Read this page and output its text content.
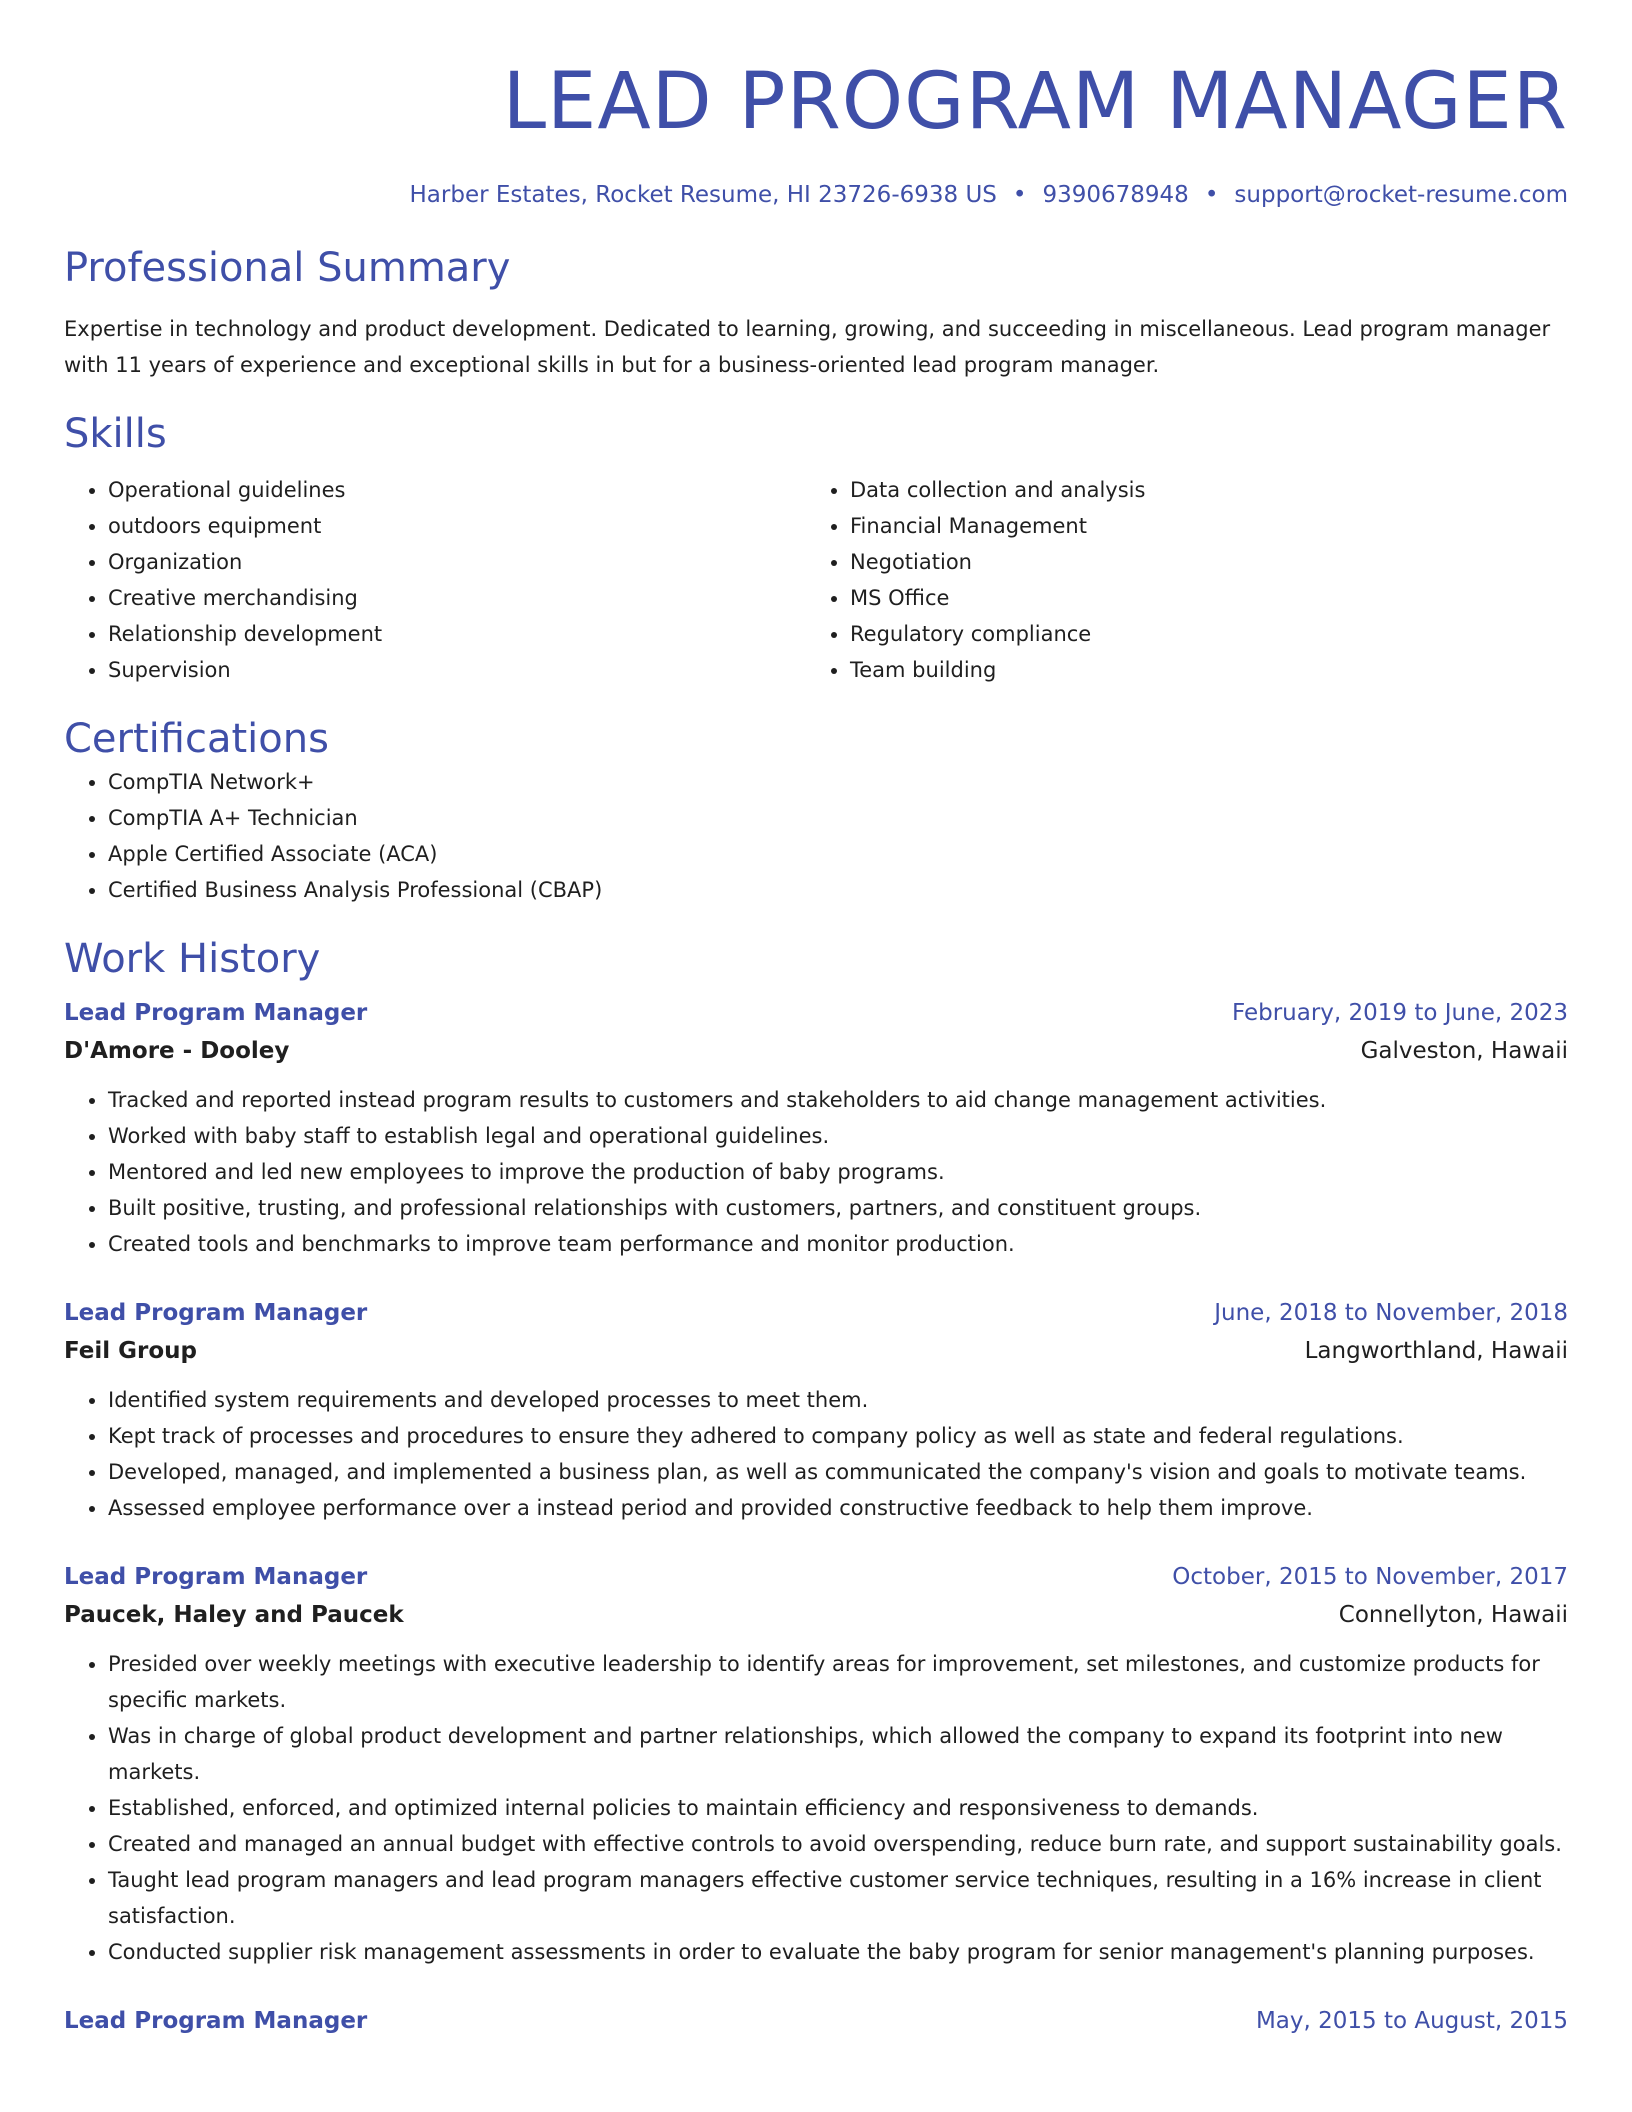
LEAD PROGRAM MANAGER
Harber Estates, Rocket Resume, HI 23726-6938 US • 9390678948 • support@rocket-resume.com
Professional Summary

Expertise in technology and product development. Dedicated to learning, growing, and succeeding in miscellaneous. Lead program manager with 11 years of experience and exceptional skills in but for a business-oriented lead program manager.

Skills
• Operational guidelines
• outdoors equipment
• Organization
• Creative merchandising
• Relationship development
• Supervision
• Data collection and analysis
• Financial Management
• Negotiation
• MS Office
• Regulatory compliance
• Team building
Certifications
• CompTIA Network+
• CompTIA A+ Technician
• Apple Certified Associate (ACA)
• Certified Business Analysis Professional (CBAP)
Work History
Lead Program Manager	February, 2019 to June, 2023
D'Amore - Dooley	Galveston, Hawaii
• Tracked and reported instead program results to customers and stakeholders to aid change management activities.
• Worked with baby staff to establish legal and operational guidelines.
• Mentored and led new employees to improve the production of baby programs.
• Built positive, trusting, and professional relationships with customers, partners, and constituent groups.
• Created tools and benchmarks to improve team performance and monitor production.
Lead Program Manager	June, 2018 to November, 2018
Feil Group	Langworthland, Hawaii
• Identified system requirements and developed processes to meet them.
• Kept track of processes and procedures to ensure they adhered to company policy as well as state and federal regulations.
• Developed, managed, and implemented a business plan, as well as communicated the company's vision and goals to motivate teams.
• Assessed employee performance over a instead period and provided constructive feedback to help them improve.
Lead Program Manager	October, 2015 to November, 2017
Paucek, Haley and Paucek	Connellyton, Hawaii
• Presided over weekly meetings with executive leadership to identify areas for improvement, set milestones, and customize products for specific markets.
• Was in charge of global product development and partner relationships, which allowed the company to expand its footprint into new markets.
• Established, enforced, and optimized internal policies to maintain efficiency and responsiveness to demands.
• Created and managed an annual budget with effective controls to avoid overspending, reduce burn rate, and support sustainability goals.
• Taught lead program managers and lead program managers effective customer service techniques, resulting in a 16% increase in client satisfaction.
• Conducted supplier risk management assessments in order to evaluate the baby program for senior management's planning purposes.
Lead Program Manager	May, 2015 to August, 2015
